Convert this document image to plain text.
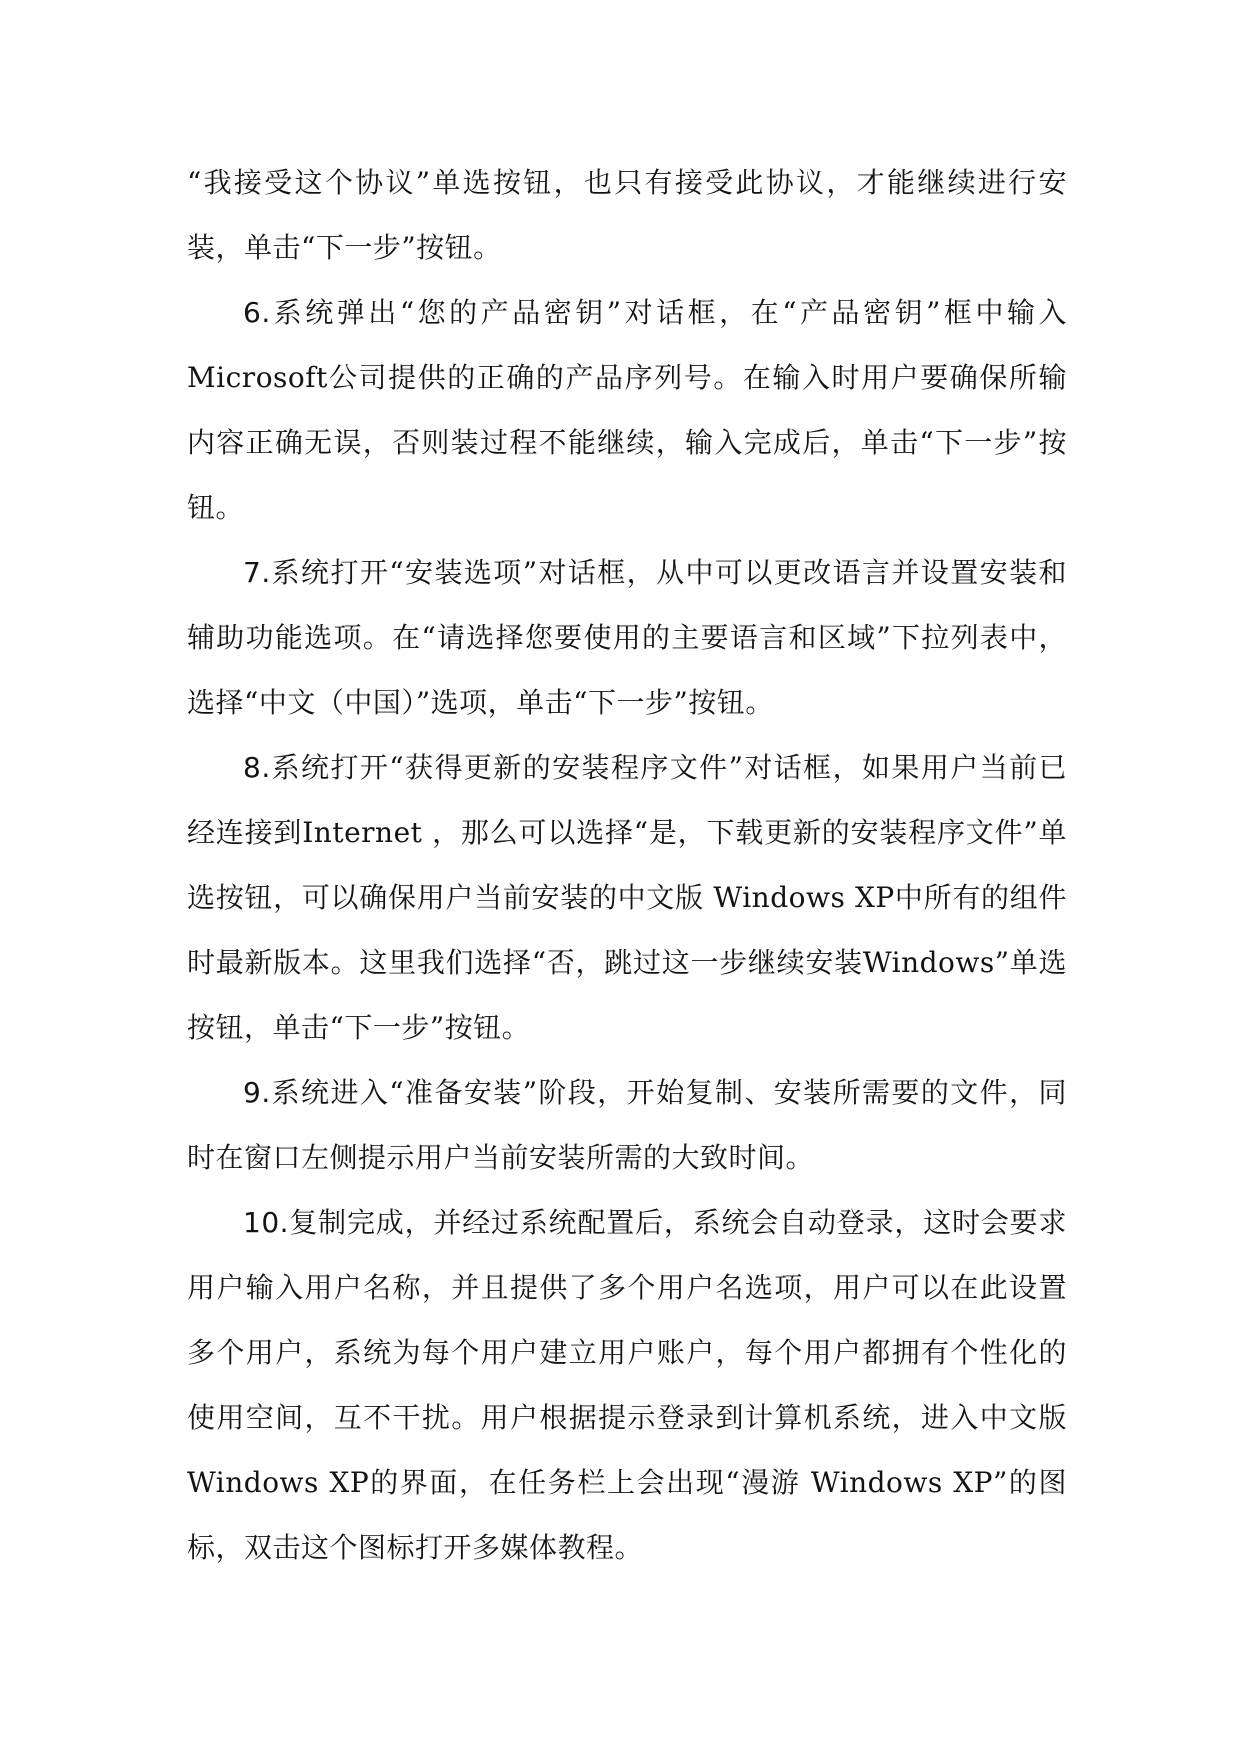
“我接受这个协议”单选按钮，也只有接受此协议，才能继续进行安装，单击“下一步”按钮。

6.系统弹出“您的产品密钥”对话框，在“产品密钥”框中输入Microsoft公司提供的正确的产品序列号。在输入时用户要确保所输内容正确无误，否则装过程不能继续，输入完成后，单击“下一步”按钮。

7.系统打开“安装选项”对话框，从中可以更改语言并设置安装和辅助功能选项。在“请选择您要使用的主要语言和区域”下拉列表中，选择“中文（中国）”选项，单击“下一步”按钮。

8.系统打开“获得更新的安装程序文件”对话框，如果用户当前已经连接到Internet ，那么可以选择“是，下载更新的安装程序文件”单选按钮，可以确保用户当前安装的中文版 Windows XP中所有的组件时最新版本。这里我们选择“否，跳过这一步继续安装Windows”单选按钮，单击“下一步”按钮。

9.系统进入“准备安装”阶段，开始复制、安装所需要的文件，同时在窗口左侧提示用户当前安装所需的大致时间。

10.复制完成，并经过系统配置后，系统会自动登录，这时会要求用户输入用户名称，并且提供了多个用户名选项，用户可以在此设置多个用户，系统为每个用户建立用户账户，每个用户都拥有个性化的使用空间，互不干扰。用户根据提示登录到计算机系统，进入中文版Windows XP的界面，在任务栏上会出现“漫游 Windows XP”的图标，双击这个图标打开多媒体教程。
